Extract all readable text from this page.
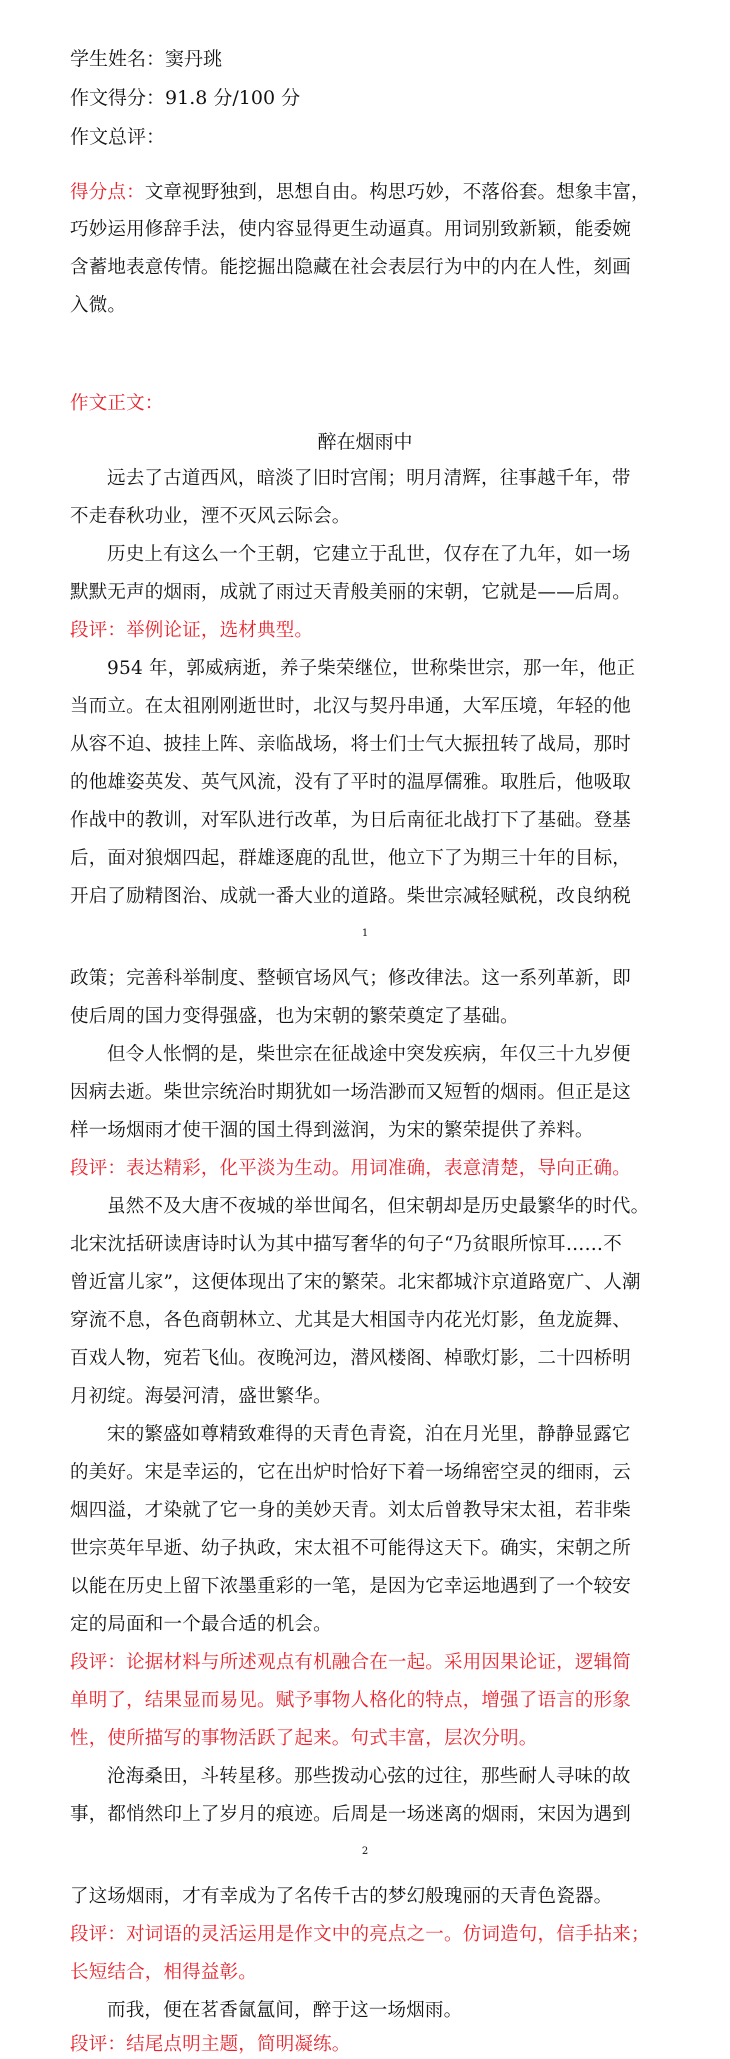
学生姓名：窦丹珧
作文得分：91.8 分/100 分
作文总评：
得分点：文章视野独到，思想自由。构思巧妙，不落俗套。想象丰富，
巧妙运用修辞手法，使内容显得更生动逼真。用词别致新颖，能委婉
含蓄地表意传情。能挖掘出隐藏在社会表层行为中的内在人性，刻画
入微。
作文正文：
醉在烟雨中
远去了古道西风，暗淡了旧时宫闱；明月清辉，往事越千年，带
不走春秋功业，湮不灭风云际会。
历史上有这么一个王朝，它建立于乱世，仅存在了九年，如一场
默默无声的烟雨，成就了雨过天青般美丽的宋朝，它就是——后周。
段评：举例论证，选材典型。
954 年，郭威病逝，养子柴荣继位，世称柴世宗，那一年，他正
当而立。在太祖刚刚逝世时，北汉与契丹串通，大军压境，年轻的他
从容不迫、披挂上阵、亲临战场，将士们士气大振扭转了战局，那时
的他雄姿英发、英气风流，没有了平时的温厚儒雅。取胜后，他吸取
作战中的教训，对军队进行改革，为日后南征北战打下了基础。登基
后，面对狼烟四起，群雄逐鹿的乱世，他立下了为期三十年的目标，
开启了励精图治、成就一番大业的道路。柴世宗减轻赋税，改良纳税
1
政策；完善科举制度、整顿官场风气；修改律法。这一系列革新，即
使后周的国力变得强盛，也为宋朝的繁荣奠定了基础。
但令人怅惘的是，柴世宗在征战途中突发疾病，年仅三十九岁便
因病去逝。柴世宗统治时期犹如一场浩渺而又短暂的烟雨。但正是这
样一场烟雨才使干涸的国土得到滋润，为宋的繁荣提供了养料。
段评：表达精彩，化平淡为生动。用词准确，表意清楚，导向正确。
虽然不及大唐不夜城的举世闻名，但宋朝却是历史最繁华的时代。
北宋沈括研读唐诗时认为其中描写奢华的句子“乃贫眼所惊耳……不
曾近富儿家”，这便体现出了宋的繁荣。北宋都城汴京道路宽广、人潮
穿流不息，各色商朝林立、尤其是大相国寺内花光灯影，鱼龙旋舞、
百戏人物，宛若飞仙。夜晚河边，潜风楼阁、棹歌灯影，二十四桥明
月初绽。海晏河清，盛世繁华。
宋的繁盛如尊精致难得的天青色青瓷，泊在月光里，静静显露它
的美好。宋是幸运的，它在出炉时恰好下着一场绵密空灵的细雨，云
烟四溢，才染就了它一身的美妙天青。刘太后曾教导宋太祖，若非柴
世宗英年早逝、幼子执政，宋太祖不可能得这天下。确实，宋朝之所
以能在历史上留下浓墨重彩的一笔，是因为它幸运地遇到了一个较安
定的局面和一个最合适的机会。
段评：论据材料与所述观点有机融合在一起。采用因果论证，逻辑简
单明了，结果显而易见。赋予事物人格化的特点，增强了语言的形象
性，使所描写的事物活跃了起来。句式丰富，层次分明。
沧海桑田，斗转星移。那些拨动心弦的过往，那些耐人寻味的故
事，都悄然印上了岁月的痕迹。后周是一场迷离的烟雨，宋因为遇到
2
了这场烟雨，才有幸成为了名传千古的梦幻般瑰丽的天青色瓷器。
段评：对词语的灵活运用是作文中的亮点之一。仿词造句，信手拈来；
长短结合，相得益彰。
而我，便在茗香氤氲间，醉于这一场烟雨。
段评：结尾点明主题，简明凝练。
